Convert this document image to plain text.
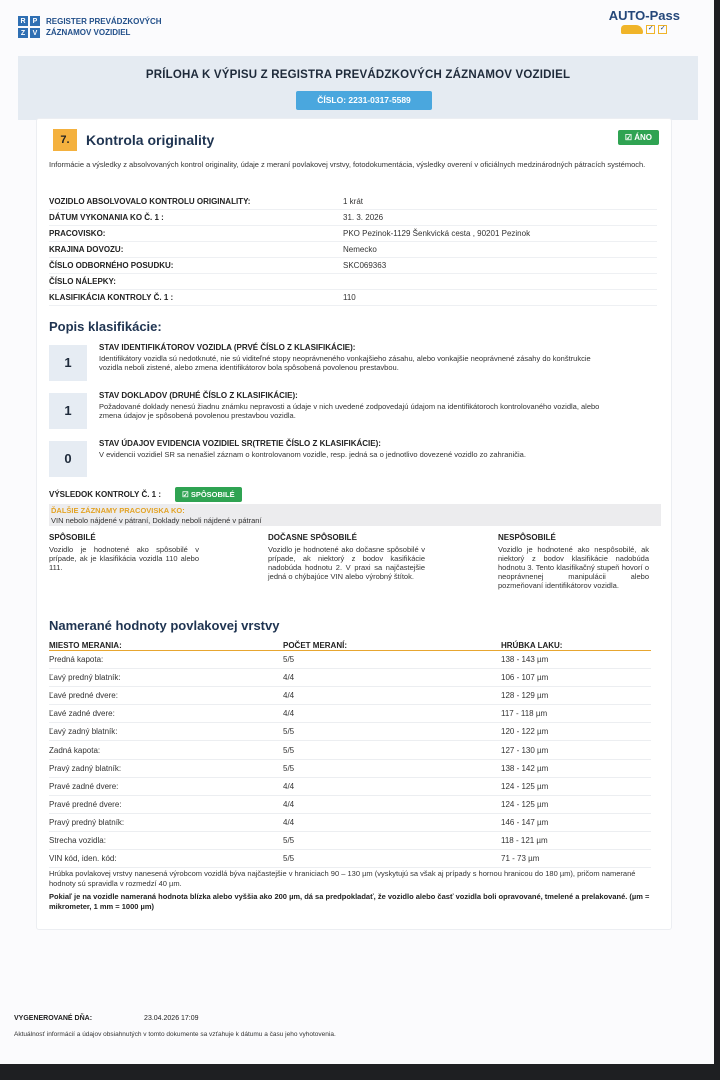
R	P
Z	V
REGISTER PREVÁDZKOVÝCH
ZÁZNAMOV VOZIDIEL
AUTO-Pass
✓ ✓
PRÍLOHA K VÝPISU Z REGISTRA PREVÁDZKOVÝCH ZÁZNAMOV VOZIDIEL
ČÍSLO: 2231-0317-5589
7.	Kontrola originality	☑ ÁNO
Informácie a výsledky z absolvovaných kontrol originality, údaje z meraní povlakovej vrstvy, fotodokumentácia, výsledky overení v oficiálnych medzinárodných pátracích systémoch.
VOZIDLO ABSOLVOVALO KONTROLU ORIGINALITY:	1 krát
DÁTUM VYKONANIA KO Č. 1 :	31. 3. 2026
PRACOVISKO:	PKO Pezinok-1129 Šenkvická cesta , 90201 Pezinok
KRAJINA DOVOZU:	Nemecko
ČÍSLO ODBORNÉHO POSUDKU:	SKC069363
ČÍSLO NÁLEPKY:
KLASIFIKÁCIA KONTROLY Č. 1 :	110
Popis klasifikácie:
1
STAV IDENTIFIKÁTOROV VOZIDLA (PRVÉ ČÍSLO Z KLASIFIKÁCIE):
Identifikátory vozidla sú nedotknuté, nie sú viditeľné stopy neoprávneného vonkajšieho zásahu, alebo vonkajšie neoprávnené zásahy do konštrukcie vozidla neboli zistené, alebo zmena identifikátorov bola spôsobená povolenou prestavbou.
1
STAV DOKLADOV (DRUHÉ ČÍSLO Z KLASIFIKÁCIE):
Požadované doklady nenesú žiadnu známku nepravosti a údaje v nich uvedené zodpovedajú údajom na identifikátoroch kontrolovaného vozidla, alebo zmena údajov je spôsobená povolenou prestavbou vozidla.
0
STAV ÚDAJOV EVIDENCIA VOZIDIEL SR(TRETIE ČÍSLO Z KLASIFIKÁCIE):
V evidencii vozidiel SR sa nenašiel záznam o kontrolovanom vozidle, resp. jedná sa o jednotlivo dovezené vozidlo zo zahraničia.
VÝSLEDOK KONTROLY Č. 1 :	☑ SPÔSOBILÉ
ĎALŠIE ZÁZNAMY PRACOVISKA KO:
VIN nebolo nájdené v pátraní, Doklady neboli nájdené v pátraní
SPÔSOBILÉ
Vozidlo je hodnotené ako spôsobilé v prípade, ak je klasifikácia vozidla 110 alebo 111.
DOČASNE SPÔSOBILÉ
Vozidlo je hodnotené ako dočasne spôsobilé v prípade, ak niektorý z bodov kasifikácie nadobúda hodnotu 2. V praxi sa najčastejšie jedná o chýbajúce VIN alebo výrobný štítok.
NESPÔSOBILÉ
Vozidlo je hodnotené ako nespôsobilé, ak niektorý z bodov klasifikácie nadobúda hodnotu 3. Tento klasifikačný stupeň hovorí o neoprávnenej manipulácii alebo pozmeňovaní identifikátorov vozidla.
Namerané hodnoty povlakovej vrstvy
MIESTO MERANIA:	POČET MERANÍ:	HRÚBKA LAKU:
Predná kapota:	5/5	138 - 143 µm
Ľavý predný blatník:	4/4	106 - 107 µm
Ľavé predné dvere:	4/4	128 - 129 µm
Ľavé zadné dvere:	4/4	117 - 118 µm
Ľavý zadný blatník:	5/5	120 - 122 µm
Zadná kapota:	5/5	127 - 130 µm
Pravý zadný blatník:	5/5	138 - 142 µm
Pravé zadné dvere:	4/4	124 - 125 µm
Pravé predné dvere:	4/4	124 - 125 µm
Pravý predný blatník:	4/4	146 - 147 µm
Strecha vozidla:	5/5	118 - 121 µm
VIN kód, iden. kód:	5/5	71 - 73 µm
Hrúbka povlakovej vrstvy nanesená výrobcom vozidlá býva najčastejšie v hraniciach 90 – 130 µm (vyskytujú sa však aj prípady s hornou hranicou do 180 µm), pričom namerané hodnoty sú spravidla v rozmedzí 40 µm.
Pokiaľ je na vozidle nameraná hodnota blízka alebo vyššia ako 200 µm, dá sa predpokladať, že vozidlo alebo časť vozidla boli opravované, tmelené a prelakované. (µm = mikrometer, 1 mm = 1000 µm)
VYGENEROVANÉ DŇA:	23.04.2026 17:09
Aktuálnosť informácií a údajov obsiahnutých v tomto dokumente sa vzťahuje k dátumu a času jeho vyhotovenia.
